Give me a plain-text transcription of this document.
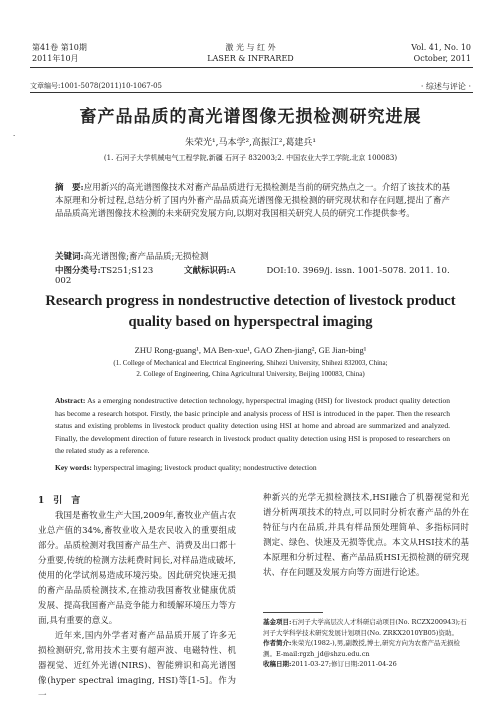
第41卷 第10期
2011年10月
激 光 与 红 外
LASER & INFRARED
Vol. 41, No. 10
October, 2011
文章编号:1001-5078(2011)10-1067-05	· 综述与评论 ·
·
畜产品品质的高光谱图像无损检测研究进展
朱荣光¹,马本学²,高振江²,葛建兵¹
(1. 石河子大学机械电气工程学院,新疆 石河子 832003;2. 中国农业大学工学院,北京 100083)
摘　要:应用新兴的高光谱图像技术对畜产品品质进行无损检测是当前的研究热点之一。介绍了该技术的基本原理和分析过程,总结分析了国内外畜产品品质高光谱图像无损检测的研究现状和存在问题,提出了畜产品品质高光谱图像技术检测的未来研究发展方向,以期对我国相关研究人员的研究工作提供参考。
关键词:高光谱图像;畜产品品质;无损检测
中图分类号:TS251;S123	文献标识码:A	DOI:10. 3969/j. issn. 1001-5078. 2011. 10. 002
Research progress in nondestructive detection of livestock product
quality based on hyperspectral imaging
ZHU Rong-guang¹, MA Ben-xue¹, GAO Zhen-jiang², GE Jian-bing¹
(1. College of Mechanical and Electrical Engineering, Shihezi University, Shihezi 832003, China;
2. College of Engineering, China Agricultural University, Beijing 100083, China)
Abstract: As a emerging nondestructive detection technology, hyperspectral imaging (HSI) for livestock product quality detection has become a research hotspot. Firstly, the basic principle and analysis process of HSI is introduced in the paper. Then the research status and existing problems in livestock product quality detection using HSI at home and abroad are summarized and analyzed. Finally, the development direction of future research in livestock product quality detection using HSI is proposed to researchers on the related study as a reference.
Key words: hyperspectral imaging; livestock product quality; nondestructive detection
1　引　言
我国是畜牧业生产大国,2009年,畜牧业产值占农业总产值的34%,畜牧业收入是农民收入的重要组成部分。品质检测对我国畜产品生产、消费及出口都十分重要,传统的检测方法耗费时间长,对样品造成破坏,使用的化学试剂易造成环境污染。因此研究快速无损的畜产品品质检测技术,在推动我国畜牧业健康优质发展、提高我国畜产品竞争能力和缓解环境压力等方面,具有重要的意义。
近年来,国内外学者对畜产品品质开展了许多无损检测研究,常用技术主要有超声波、电磁特性、机器视觉、近红外光谱(NIRS)、智能辨识和高光谱图像(hyper spectral imaging, HSI)等[1-5]。作为一
种新兴的光学无损检测技术,HSI融合了机器视觉和光谱分析两项技术的特点,可以同时分析农畜产品的外在特征与内在品质,并具有样品预处理简单、多指标同时测定、绿色、快速及无损等优点。本文从HSI技术的基本原理和分析过程、畜产品品质HSI无损检测的研究现状、存在问题及发展方向等方面进行论述。
基金项目:石河子大学高层次人才科研启动项目(No. RCZX200943);石河子大学科学技术研究发展计划项目(No. ZRKX2010YB05)资助。
作者简介:朱荣光(1982-),男,副教授,博士,研究方向为农畜产品无损检测。E-mail:rgzh_jd@shzu.edu.cn
收稿日期:2011-03-27;修订日期:2011-04-26
